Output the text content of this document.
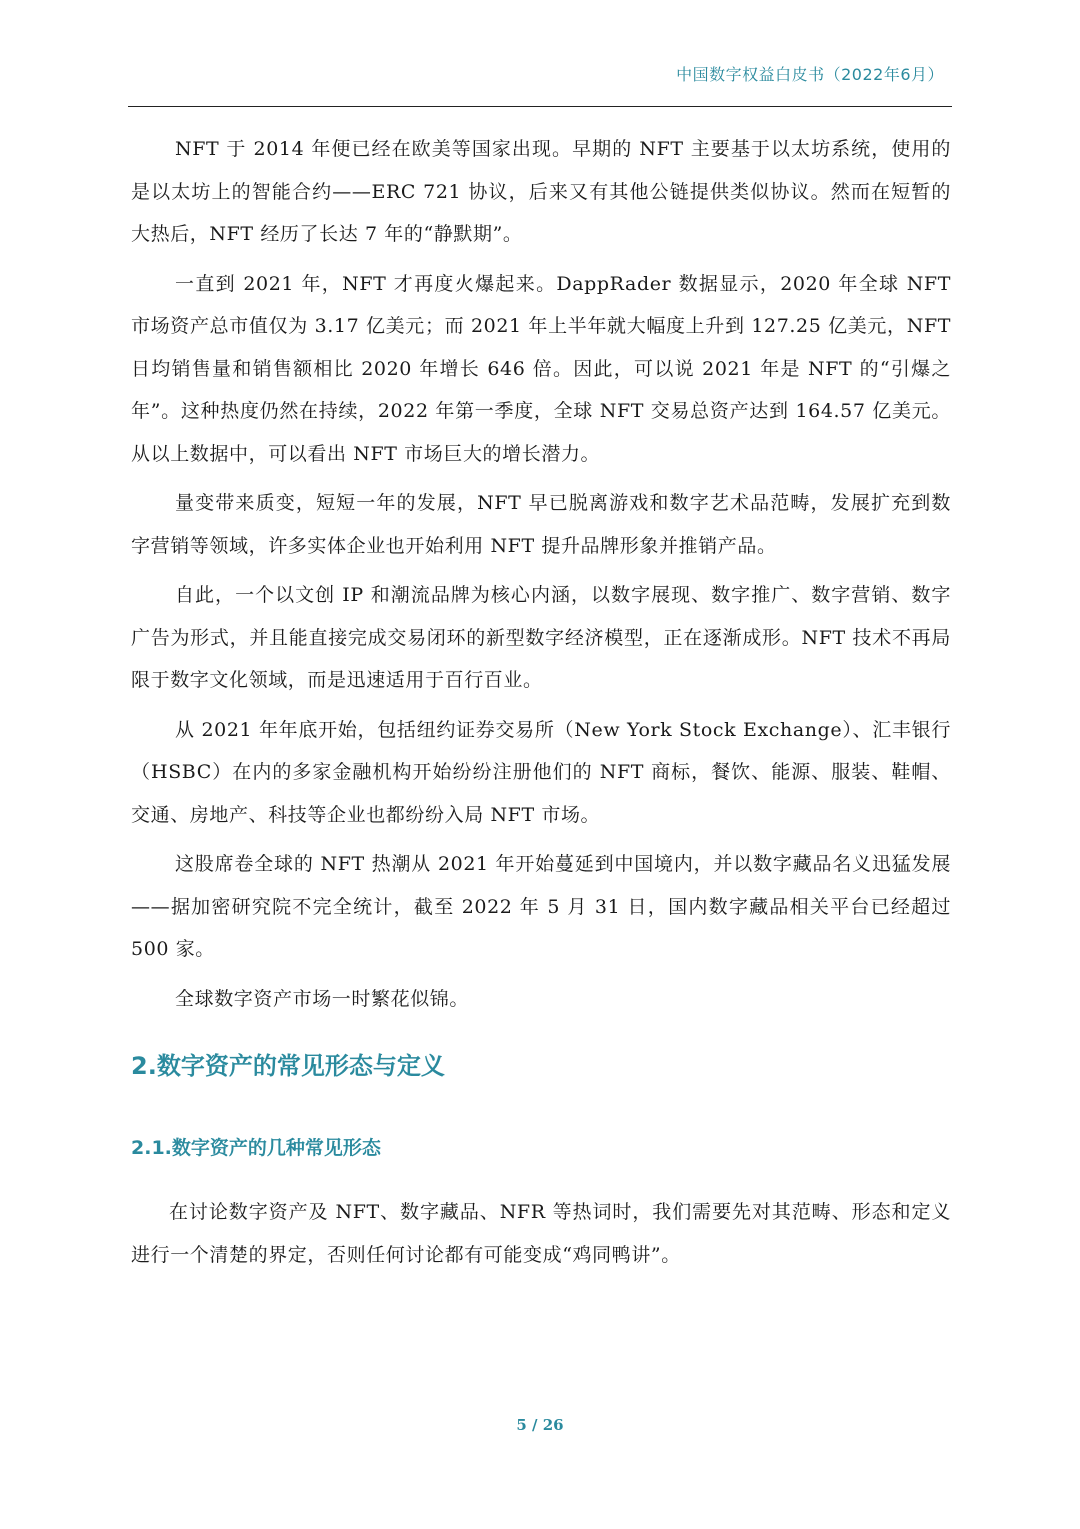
中国数字权益白皮书（2022年6月）

NFT 于 2014 年便已经在欧美等国家出现。早期的 NFT 主要基于以太坊系统，使用的是以太坊上的智能合约——ERC 721 协议，后来又有其他公链提供类似协议。然而在短暂的大热后，NFT 经历了长达 7 年的“静默期”。

一直到 2021 年，NFT 才再度火爆起来。DappRader 数据显示，2020 年全球 NFT 市场资产总市值仅为 3.17 亿美元；而 2021 年上半年就大幅度上升到 127.25 亿美元，NFT 日均销售量和销售额相比 2020 年增长 646 倍。因此，可以说 2021 年是 NFT 的“引爆之年”。这种热度仍然在持续，2022 年第一季度，全球 NFT 交易总资产达到 164.57 亿美元。从以上数据中，可以看出 NFT 市场巨大的增长潜力。

量变带来质变，短短一年的发展，NFT 早已脱离游戏和数字艺术品范畴，发展扩充到数字营销等领域，许多实体企业也开始利用 NFT 提升品牌形象并推销产品。

自此，一个以文创 IP 和潮流品牌为核心内涵，以数字展现、数字推广、数字营销、数字广告为形式，并且能直接完成交易闭环的新型数字经济模型，正在逐渐成形。NFT 技术不再局限于数字文化领域，而是迅速适用于百行百业。

从 2021 年年底开始，包括纽约证券交易所（New York Stock Exchange）、汇丰银行（HSBC）在内的多家金融机构开始纷纷注册他们的 NFT 商标，餐饮、能源、服装、鞋帽、交通、房地产、科技等企业也都纷纷入局 NFT 市场。

这股席卷全球的 NFT 热潮从 2021 年开始蔓延到中国境内，并以数字藏品名义迅猛发展——据加密研究院不完全统计，截至 2022 年 5 月 31 日，国内数字藏品相关平台已经超过 500 家。

全球数字资产市场一时繁花似锦。

2.数字资产的常见形态与定义
2.1.数字资产的几种常见形态

在讨论数字资产及 NFT、数字藏品、NFR 等热词时，我们需要先对其范畴、形态和定义进行一个清楚的界定，否则任何讨论都有可能变成“鸡同鸭讲”。

5 / 26
